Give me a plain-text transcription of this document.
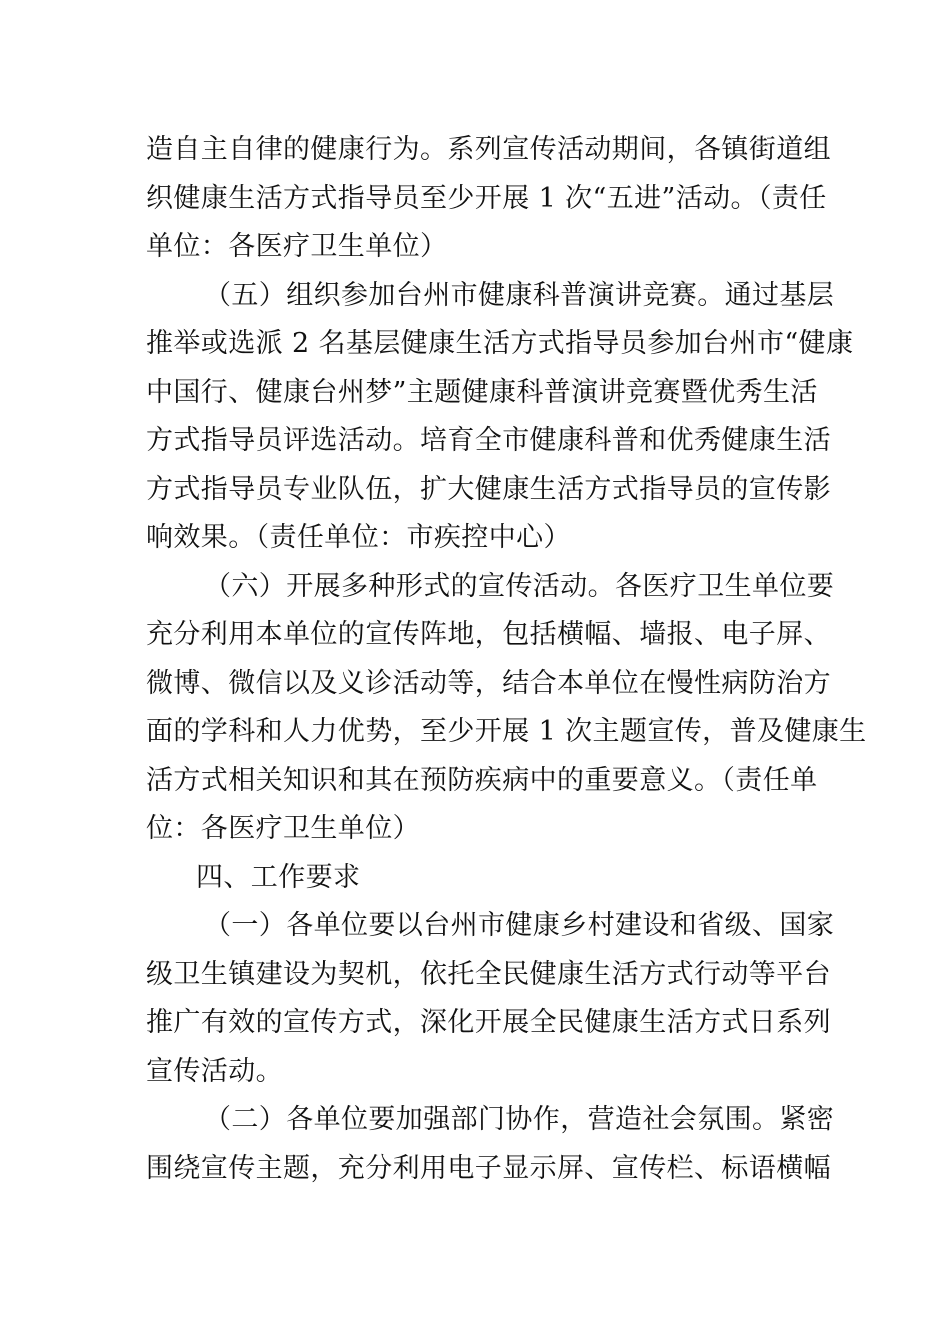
造自主自律的健康行为。系列宣传活动期间，各镇街道组
织健康生活方式指导员至少开展 1 次“五进”活动。（责任
单位：各医疗卫生单位）
（五）组织参加台州市健康科普演讲竞赛。通过基层
推举或选派 2 名基层健康生活方式指导员参加台州市“健康
中国行、健康台州梦”主题健康科普演讲竞赛暨优秀生活
方式指导员评选活动。培育全市健康科普和优秀健康生活
方式指导员专业队伍，扩大健康生活方式指导员的宣传影
响效果。（责任单位：市疾控中心）
（六）开展多种形式的宣传活动。各医疗卫生单位要
充分利用本单位的宣传阵地，包括横幅、墙报、电子屏、
微博、微信以及义诊活动等，结合本单位在慢性病防治方
面的学科和人力优势，至少开展 1 次主题宣传，普及健康生
活方式相关知识和其在预防疾病中的重要意义。（责任单
位：各医疗卫生单位）
四、工作要求
（一）各单位要以台州市健康乡村建设和省级、国家
级卫生镇建设为契机，依托全民健康生活方式行动等平台
推广有效的宣传方式，深化开展全民健康生活方式日系列
宣传活动。
（二）各单位要加强部门协作，营造社会氛围。紧密
围绕宣传主题，充分利用电子显示屏、宣传栏、标语横幅
